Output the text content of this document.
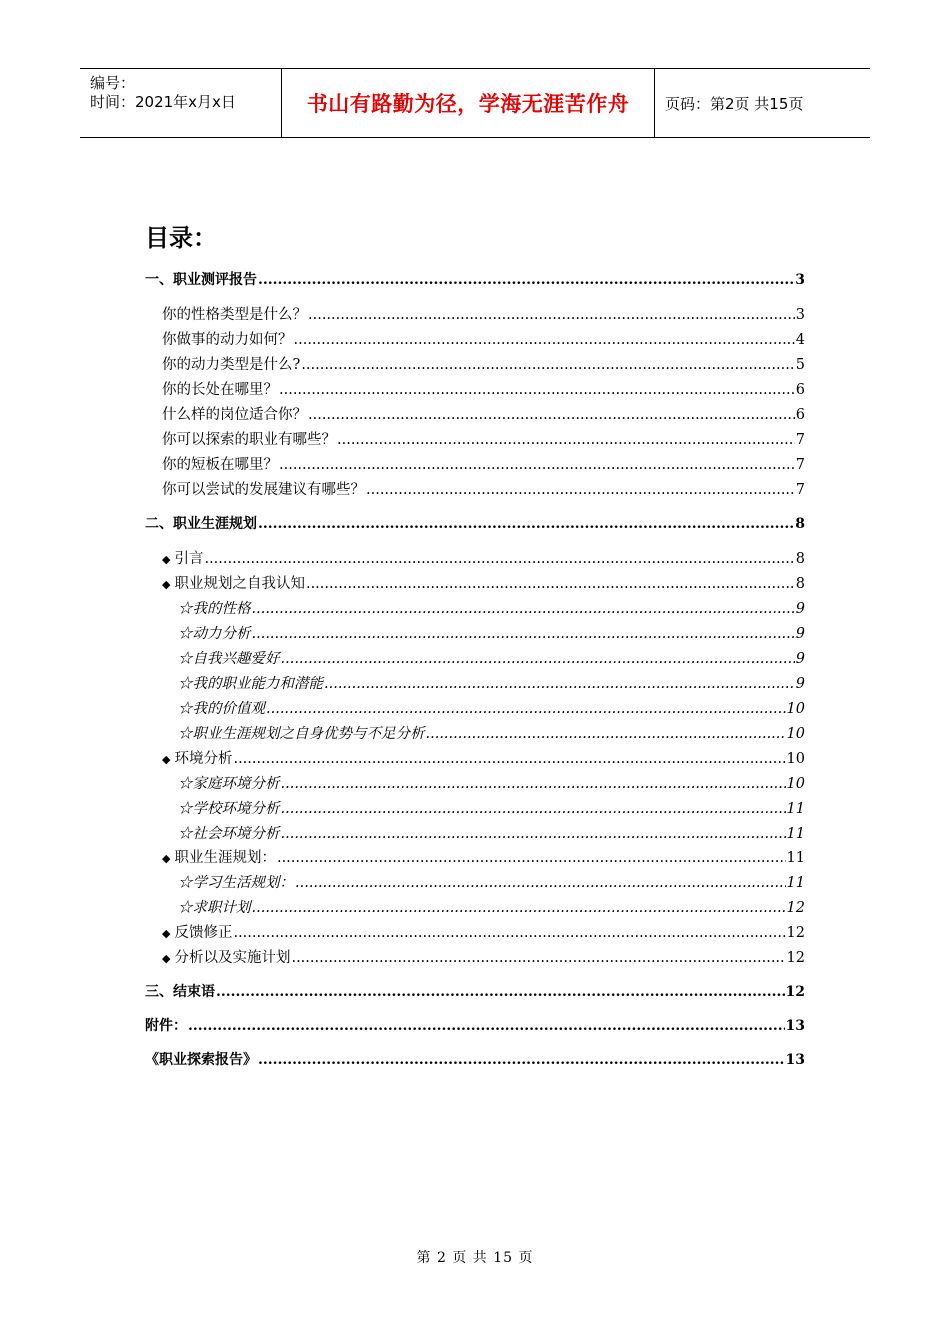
编号：
时间：2021年x月x日	书山有路勤为径，学海无涯苦作舟 页码：第2页 共15页
目录：
一、职业测评报告 .....	3
你的性格类型是什么？ .....	3
你做事的动力如何？ .....	4
你的动力类型是什么? .....	5
你的长处在哪里？ .....	6
什么样的岗位适合你？ .....	6
你可以探索的职业有哪些？ .....	7
你的短板在哪里？ .....	7
你可以尝试的发展建议有哪些？ .....	7
二、职业生涯规划 .....	8
◆ 引言 .....	8
◆ 职业规划之自我认知 .....	8
☆我的性格 .....	9
☆动力分析 .....	9
☆自我兴趣爱好 .....	9
☆我的职业能力和潜能 .....	9
☆我的价值观 .....	10
☆职业生涯规划之自身优势与不足分析 .....	10
◆ 环境分析 .....	10
☆家庭环境分析 .....	10
☆学校环境分析 .....	11
☆社会环境分析 .....	11
◆ 职业生涯规划： .....	11
☆学习生活规划： .....	11
☆求职计划 .....	12
◆ 反馈修正 .....	12
◆ 分析以及实施计划 .....	12
三、结束语 .....	12
附件： .....	13
《职业探索报告》 .....	13
第 2 页 共 15 页
